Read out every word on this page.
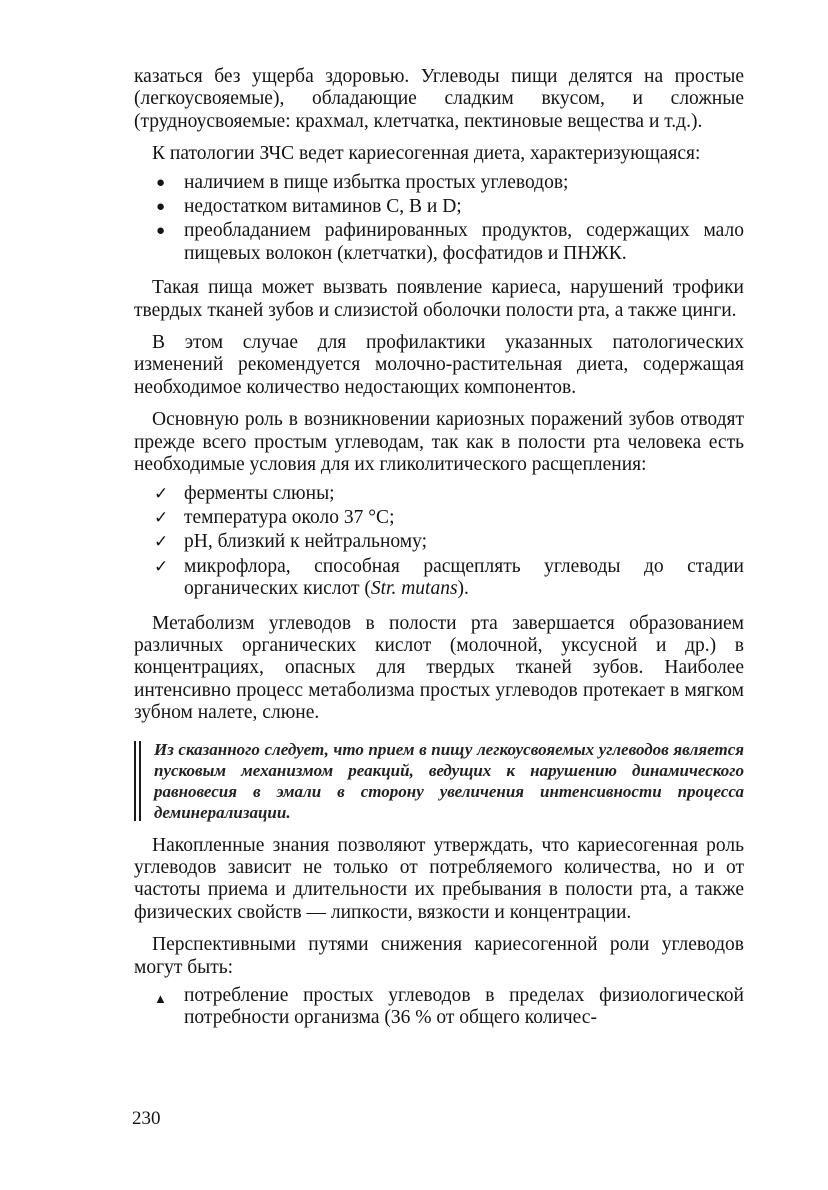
казаться без ущерба здоровью. Углеводы пищи делятся на простые (легкоусвояемые), обладающие сладким вкусом, и сложные (трудноусвояемые: крахмал, клетчатка, пектиновые вещества и т.д.).

К патологии ЗЧС ведет кариесогенная диета, характеризующаяся:

● наличием в пище избытка простых углеводов;
● недостатком витаминов С, В и D;
● преобладанием рафинированных продуктов, содержащих мало пищевых волокон (клетчатки), фосфатидов и ПНЖК.

Такая пища может вызвать появление кариеса, нарушений трофики твердых тканей зубов и слизистой оболочки полости рта, а также цинги.

В этом случае для профилактики указанных патологических изменений рекомендуется молочно-растительная диета, содержащая необходимое количество недостающих компонентов.

Основную роль в возникновении кариозных поражений зубов отводят прежде всего простым углеводам, так как в полости рта человека есть необходимые условия для их гликолитического расщепления:

✓ ферменты слюны;
✓ температура около 37 °С;
✓ рН, близкий к нейтральному;
✓ микрофлора, способная расщеплять углеводы до стадии органических кислот (Str. mutans).

Метаболизм углеводов в полости рта завершается образованием различных органических кислот (молочной, уксусной и др.) в концентрациях, опасных для твердых тканей зубов. Наиболее интенсивно процесс метаболизма простых углеводов протекает в мягком зубном налете, слюне.

Из сказанного следует, что прием в пищу легкоусвояемых углеводов является пусковым механизмом реакций, ведущих к нарушению динамического равновесия в эмали в сторону увеличения интенсивности процесса деминерализации.

Накопленные знания позволяют утверждать, что кариесогенная роль углеводов зависит не только от потребляемого количества, но и от частоты приема и длительности их пребывания в полости рта, а также физических свойств — липкости, вязкости и концентрации.

Перспективными путями снижения кариесогенной роли углеводов могут быть:

▲ потребление простых углеводов в пределах физиологической потребности организма (36 % от общего количес-
230
